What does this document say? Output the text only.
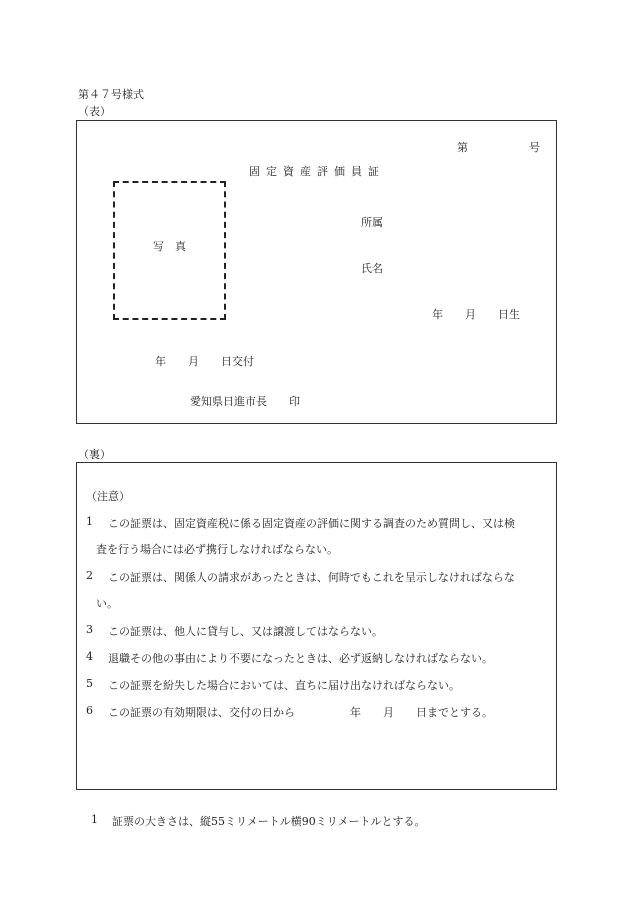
第４７号様式
（表）
第	号
固定資産評価員証
写　真
所属
氏名
年　　月　　日生
年　　月　　日交付
愛知県日進市長　　印
（裏）
（注意）
1 この証票は、固定資産税に係る固定資産の評価に関する調査のため質問し、又は検
査を行う場合には必ず携行しなければならない。
2 この証票は、関係人の請求があったときは、何時でもこれを呈示しなければならな
い。
3 この証票は、他人に貸与し、又は譲渡してはならない。
4 退職その他の事由により不要になったときは、必ず返納しなければならない。
5 この証票を紛失した場合においては、直ちに届け出なければならない。
6 この証票の有効期限は、交付の日から　　　　　年　　月　　日までとする。
1 証票の大きさは、縦55ミリメートル横90ミリメートルとする。
